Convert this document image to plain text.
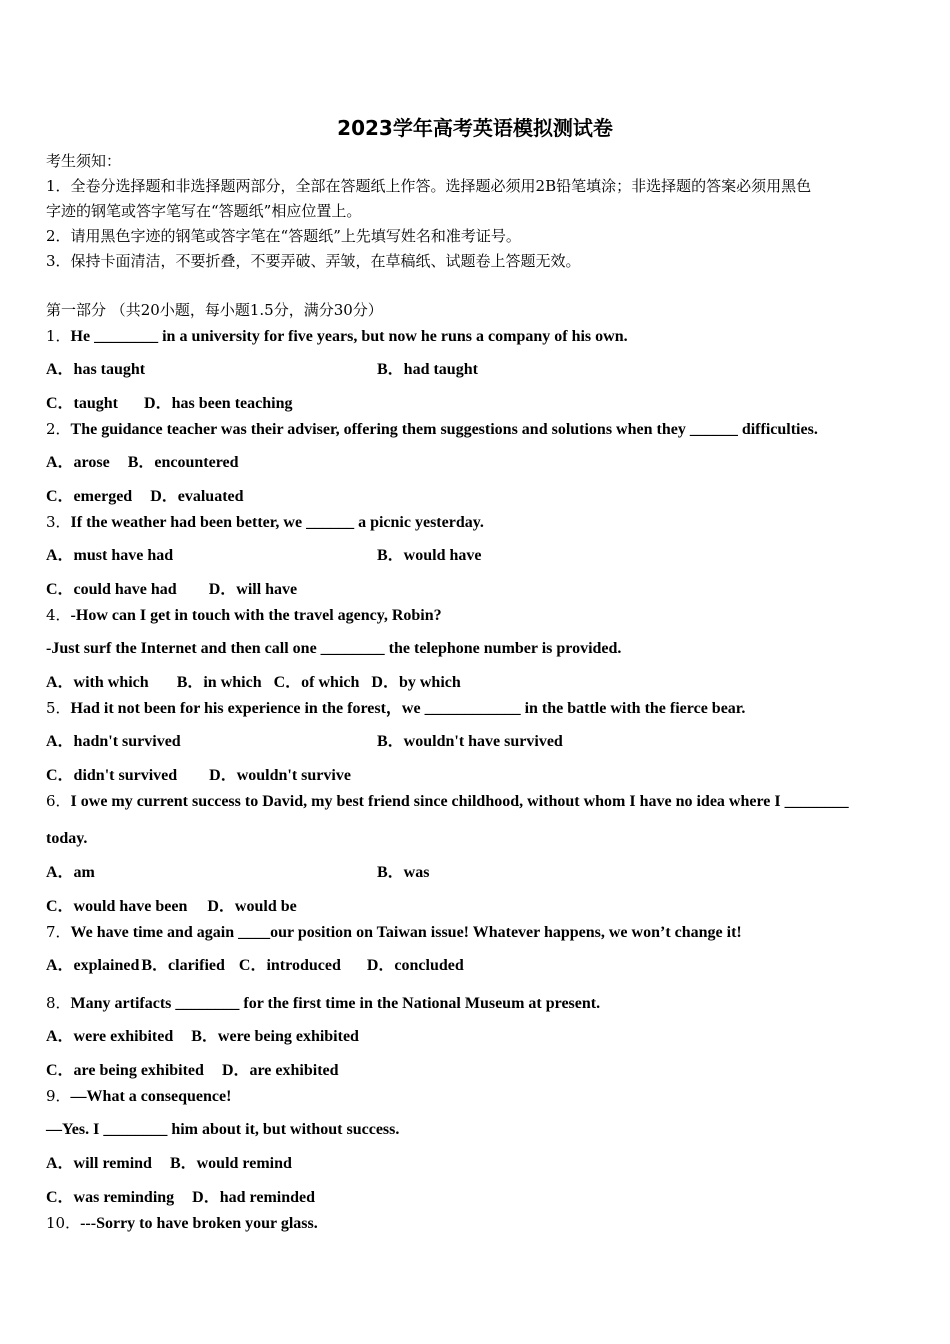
2023学年高考英语模拟测试卷
考生须知：
1．全卷分选择题和非选择题两部分，全部在答题纸上作答。选择题必须用2B铅笔填涂；非选择题的答案必须用黑色
字迹的钢笔或答字笔写在“答题纸”相应位置上。
2．请用黑色字迹的钢笔或答字笔在“答题纸”上先填写姓名和准考证号。
3．保持卡面清洁，不要折叠，不要弄破、弄皱，在草稿纸、试题卷上答题无效。
第一部分 （共20小题，每小题1.5分，满分30分）
1．He ________ in a university for five years, but now he runs a company of his own.
A．has taught	B．had taught
C．taught D．has been teaching
2．The guidance teacher was their adviser, offering them suggestions and solutions when they ______ difficulties.
A．arose B．encountered
C．emerged D．evaluated
3．If the weather had been better, we ______ a picnic yesterday.
A．must have had	B．would have
C．could have had D．will have
4．-How can I get in touch with the travel agency, Robin?
-Just surf the Internet and then call one ________ the telephone number is provided.
A．with which B．in which C．of which D．by which
5．Had it not been for his experience in the forest，we ____________ in the battle with the fierce bear.
A．hadn't survived	B．wouldn't have survived
C．didn't survived D．wouldn't survive
6．I owe my current success to David, my best friend since childhood, without whom I have no idea where I ________
today.
A．am	B．was
C．would have been D．would be
7．We have time and again ____our position on Taiwan issue! Whatever happens, we won’t change it!
A．explained B．clarified C．introduced D．concluded
8．Many artifacts ________ for the first time in the National Museum at present.
A．were exhibited B．were being exhibited
C．are being exhibited D．are exhibited
9．—What a consequence!
—Yes. I ________ him about it, but without success.
A．will remind B．would remind
C．was reminding D．had reminded
10．---Sorry to have broken your glass.
